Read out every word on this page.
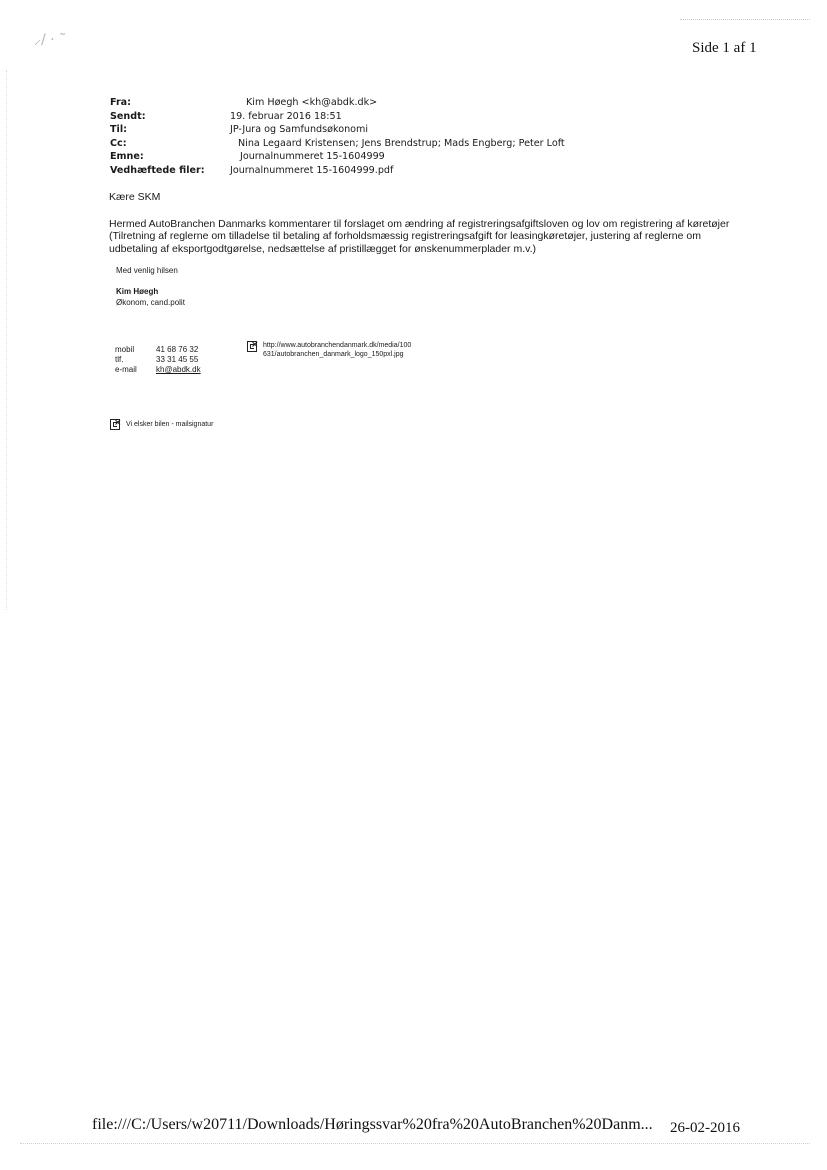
⸝/ · ˜	Side 1 af 1
Fra:	Kim Høegh <kh@abdk.dk>
Sendt:	19. februar 2016 18:51
Til:	JP-Jura og Samfundsøkonomi
Cc:	Nina Legaard Kristensen; Jens Brendstrup; Mads Engberg; Peter Loft
Emne:	Journalnummeret 15-1604999
Vedhæftede filer:	Journalnummeret 15-1604999.pdf
Kære SKM
Hermed AutoBranchen Danmarks kommentarer til forslaget om ændring af registreringsafgiftsloven og lov om registrering af køretøjer (Tilretning af reglerne om tilladelse til betaling af forholdsmæssig registreringsafgift for leasingkøretøjer, justering af reglerne om udbetaling af eksportgodtgørelse, nedsættelse af pristillægget for ønskenummerplader m.v.)
Med venlig hilsen
Kim Høegh
Økonom, cand.polit
mobil	41 68 76 32
tlf.	33 31 45 55
e-mail	kh@abdk.dk
×
http://www.autobranchendanmark.dk/media/100631/autobranchen_danmark_logo_150pxl.jpg
×
Vi elsker bilen - mailsignatur
file:///C:/Users/w20711/Downloads/Høringssvar%20fra%20AutoBranchen%20Danm... 26-02-2016
